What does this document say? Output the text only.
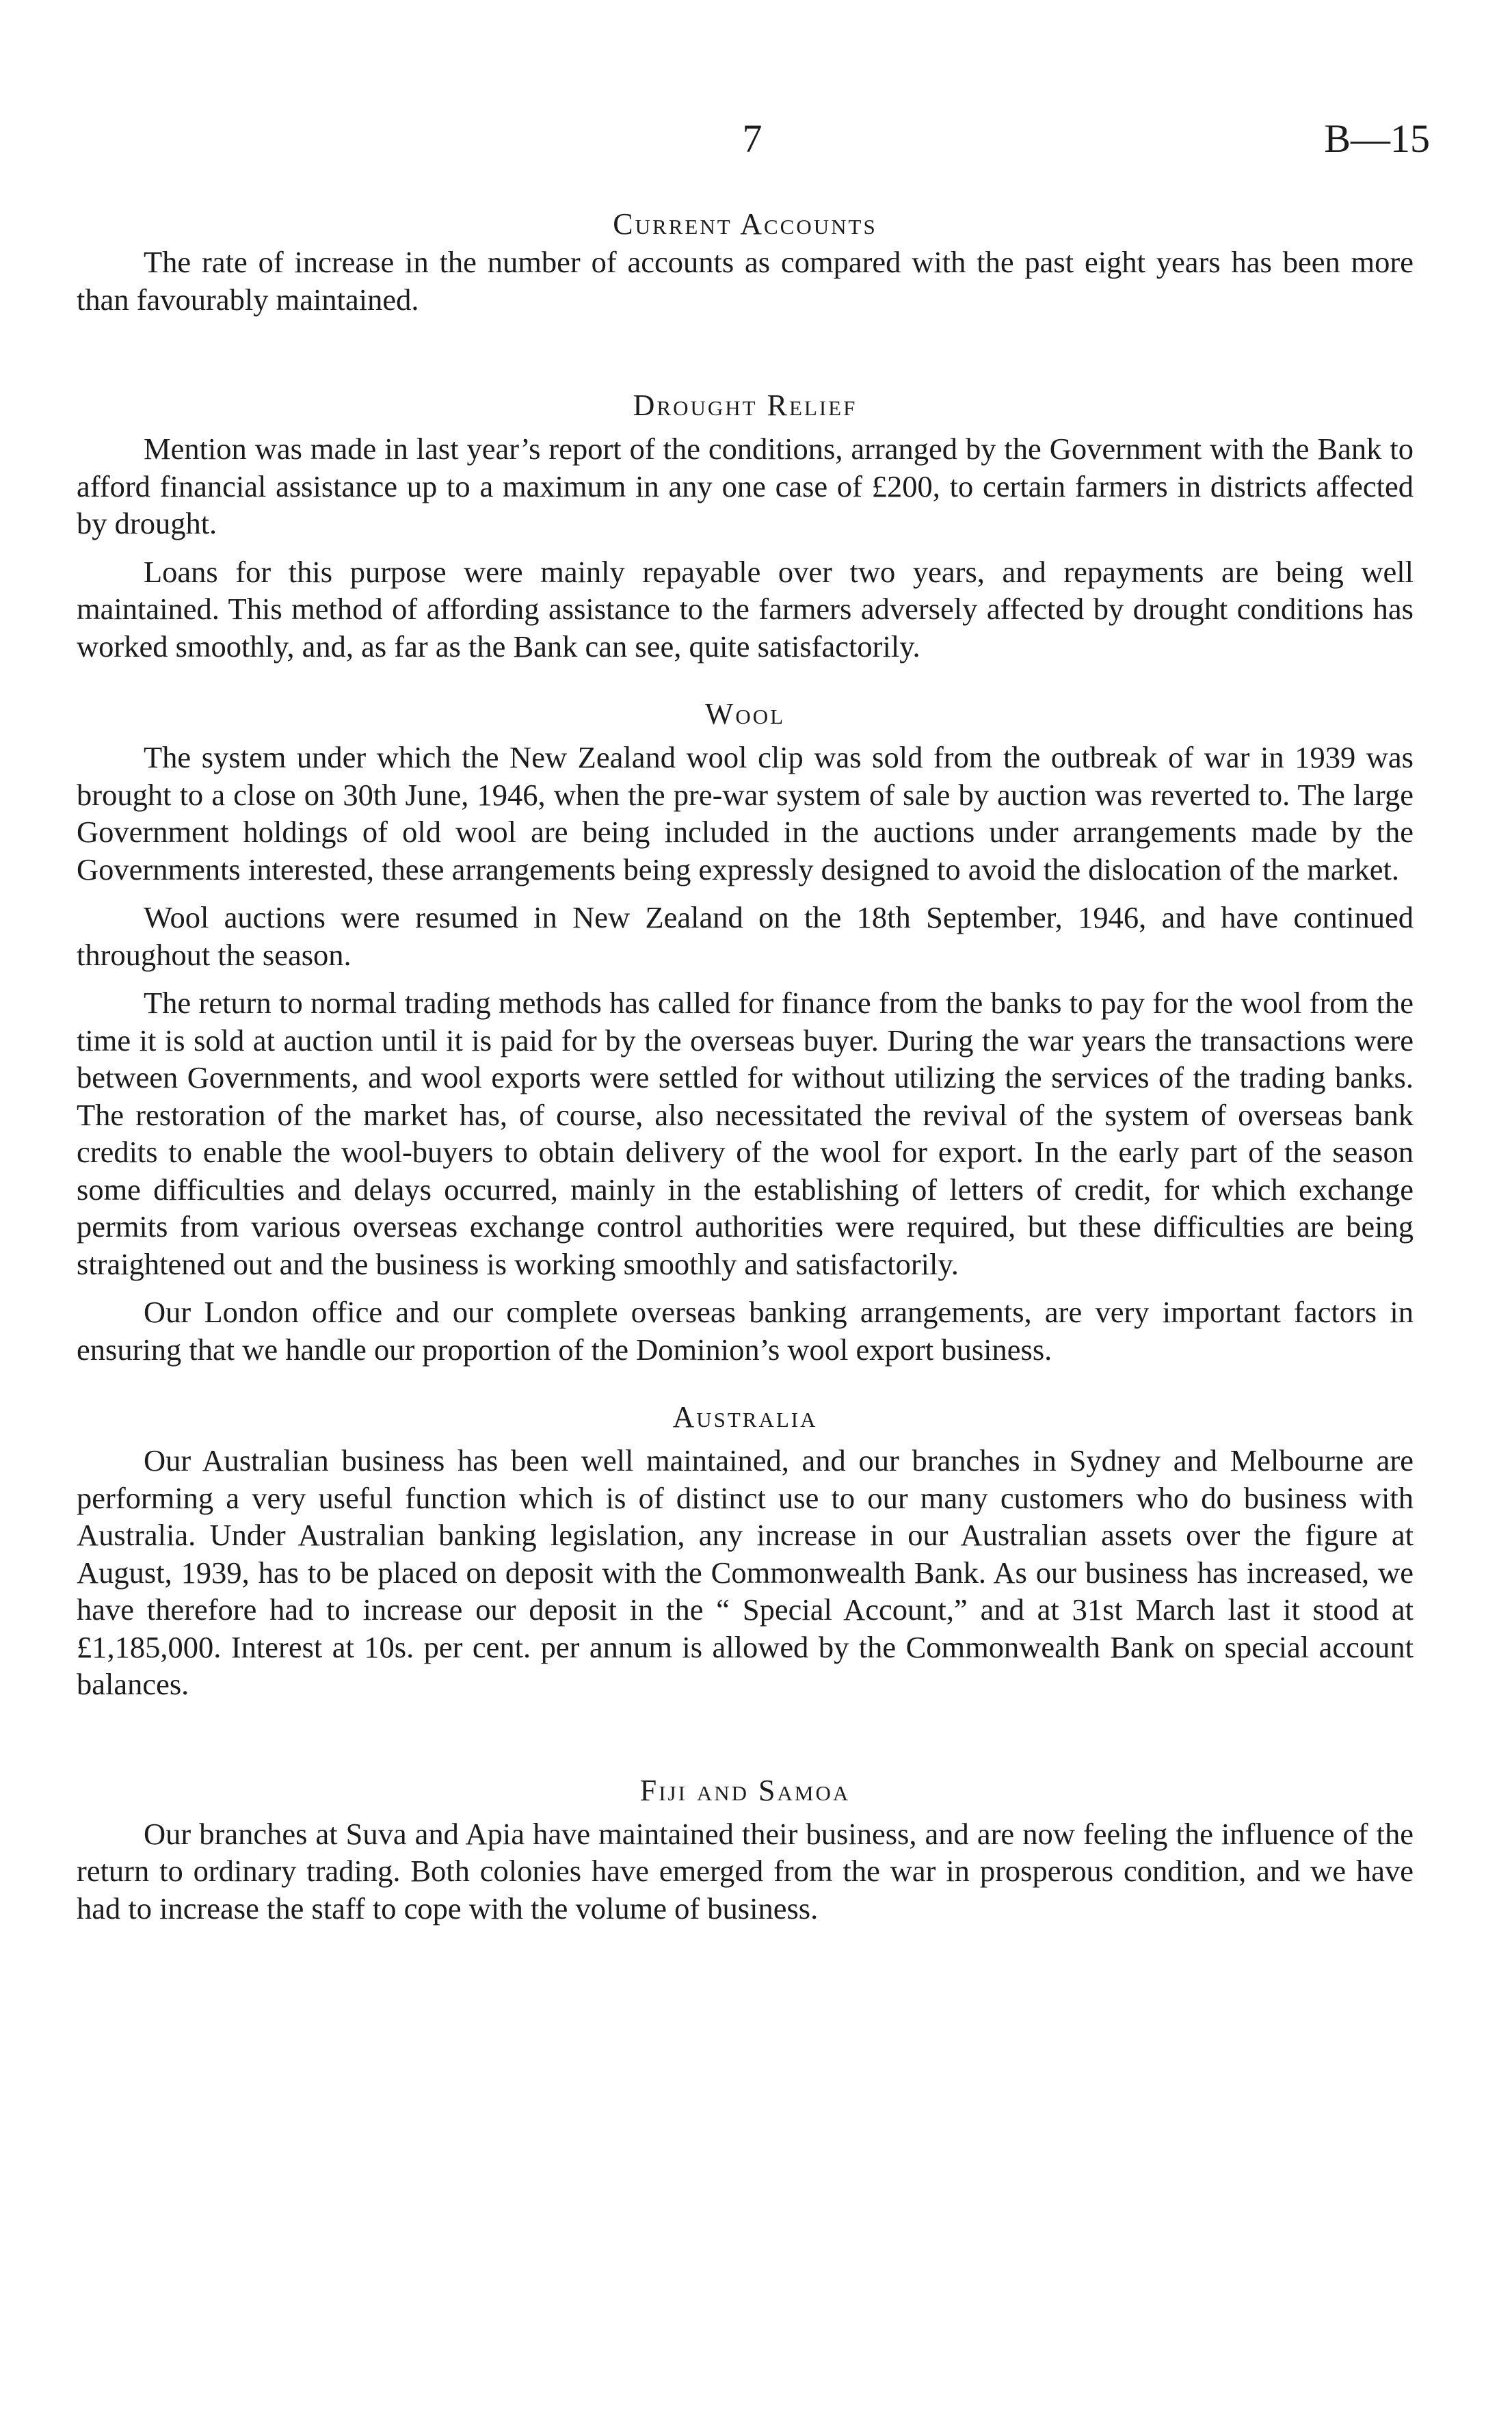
7	B—15
Current Accounts

The rate of increase in the number of accounts as compared with the past eight years has been more than favourably maintained.

Drought Relief

Mention was made in last year’s report of the conditions, arranged by the Government with the Bank to afford financial assistance up to a maximum in any one case of £200, to certain farmers in districts affected by drought.

Loans for this purpose were mainly repayable over two years, and repayments are being well maintained. This method of affording assistance to the farmers adversely affected by drought conditions has worked smoothly, and, as far as the Bank can see, quite satisfactorily.

Wool

The system under which the New Zealand wool clip was sold from the outbreak of war in 1939 was brought to a close on 30th June, 1946, when the pre-war system of sale by auction was reverted to. The large Government holdings of old wool are being included in the auctions under arrangements made by the Governments interested, these arrangements being expressly designed to avoid the dislocation of the market.

Wool auctions were resumed in New Zealand on the 18th September, 1946, and have continued throughout the season.

The return to normal trading methods has called for finance from the banks to pay for the wool from the time it is sold at auction until it is paid for by the overseas buyer. During the war years the transactions were between Governments, and wool exports were settled for without utilizing the services of the trading banks. The restoration of the market has, of course, also necessitated the revival of the system of overseas bank credits to enable the wool-buyers to obtain delivery of the wool for export. In the early part of the season some difficulties and delays occurred, mainly in the establishing of letters of credit, for which exchange permits from various overseas exchange control authorities were required, but these difficulties are being straightened out and the business is working smoothly and satisfactorily.

Our London office and our complete overseas banking arrangements, are very important factors in ensuring that we handle our proportion of the Dominion’s wool export business.

Australia

Our Australian business has been well maintained, and our branches in Sydney and Melbourne are performing a very useful function which is of distinct use to our many customers who do business with Australia. Under Australian banking legislation, any increase in our Australian assets over the figure at August, 1939, has to be placed on deposit with the Commonwealth Bank. As our business has increased, we have therefore had to increase our deposit in the “ Special Account,” and at 31st March last it stood at £1,185,000. Interest at 10s. per cent. per annum is allowed by the Commonwealth Bank on special account balances.

Fiji and Samoa

Our branches at Suva and Apia have maintained their business, and are now feeling the influence of the return to ordinary trading. Both colonies have emerged from the war in prosperous condition, and we have had to increase the staff to cope with the volume of business.
